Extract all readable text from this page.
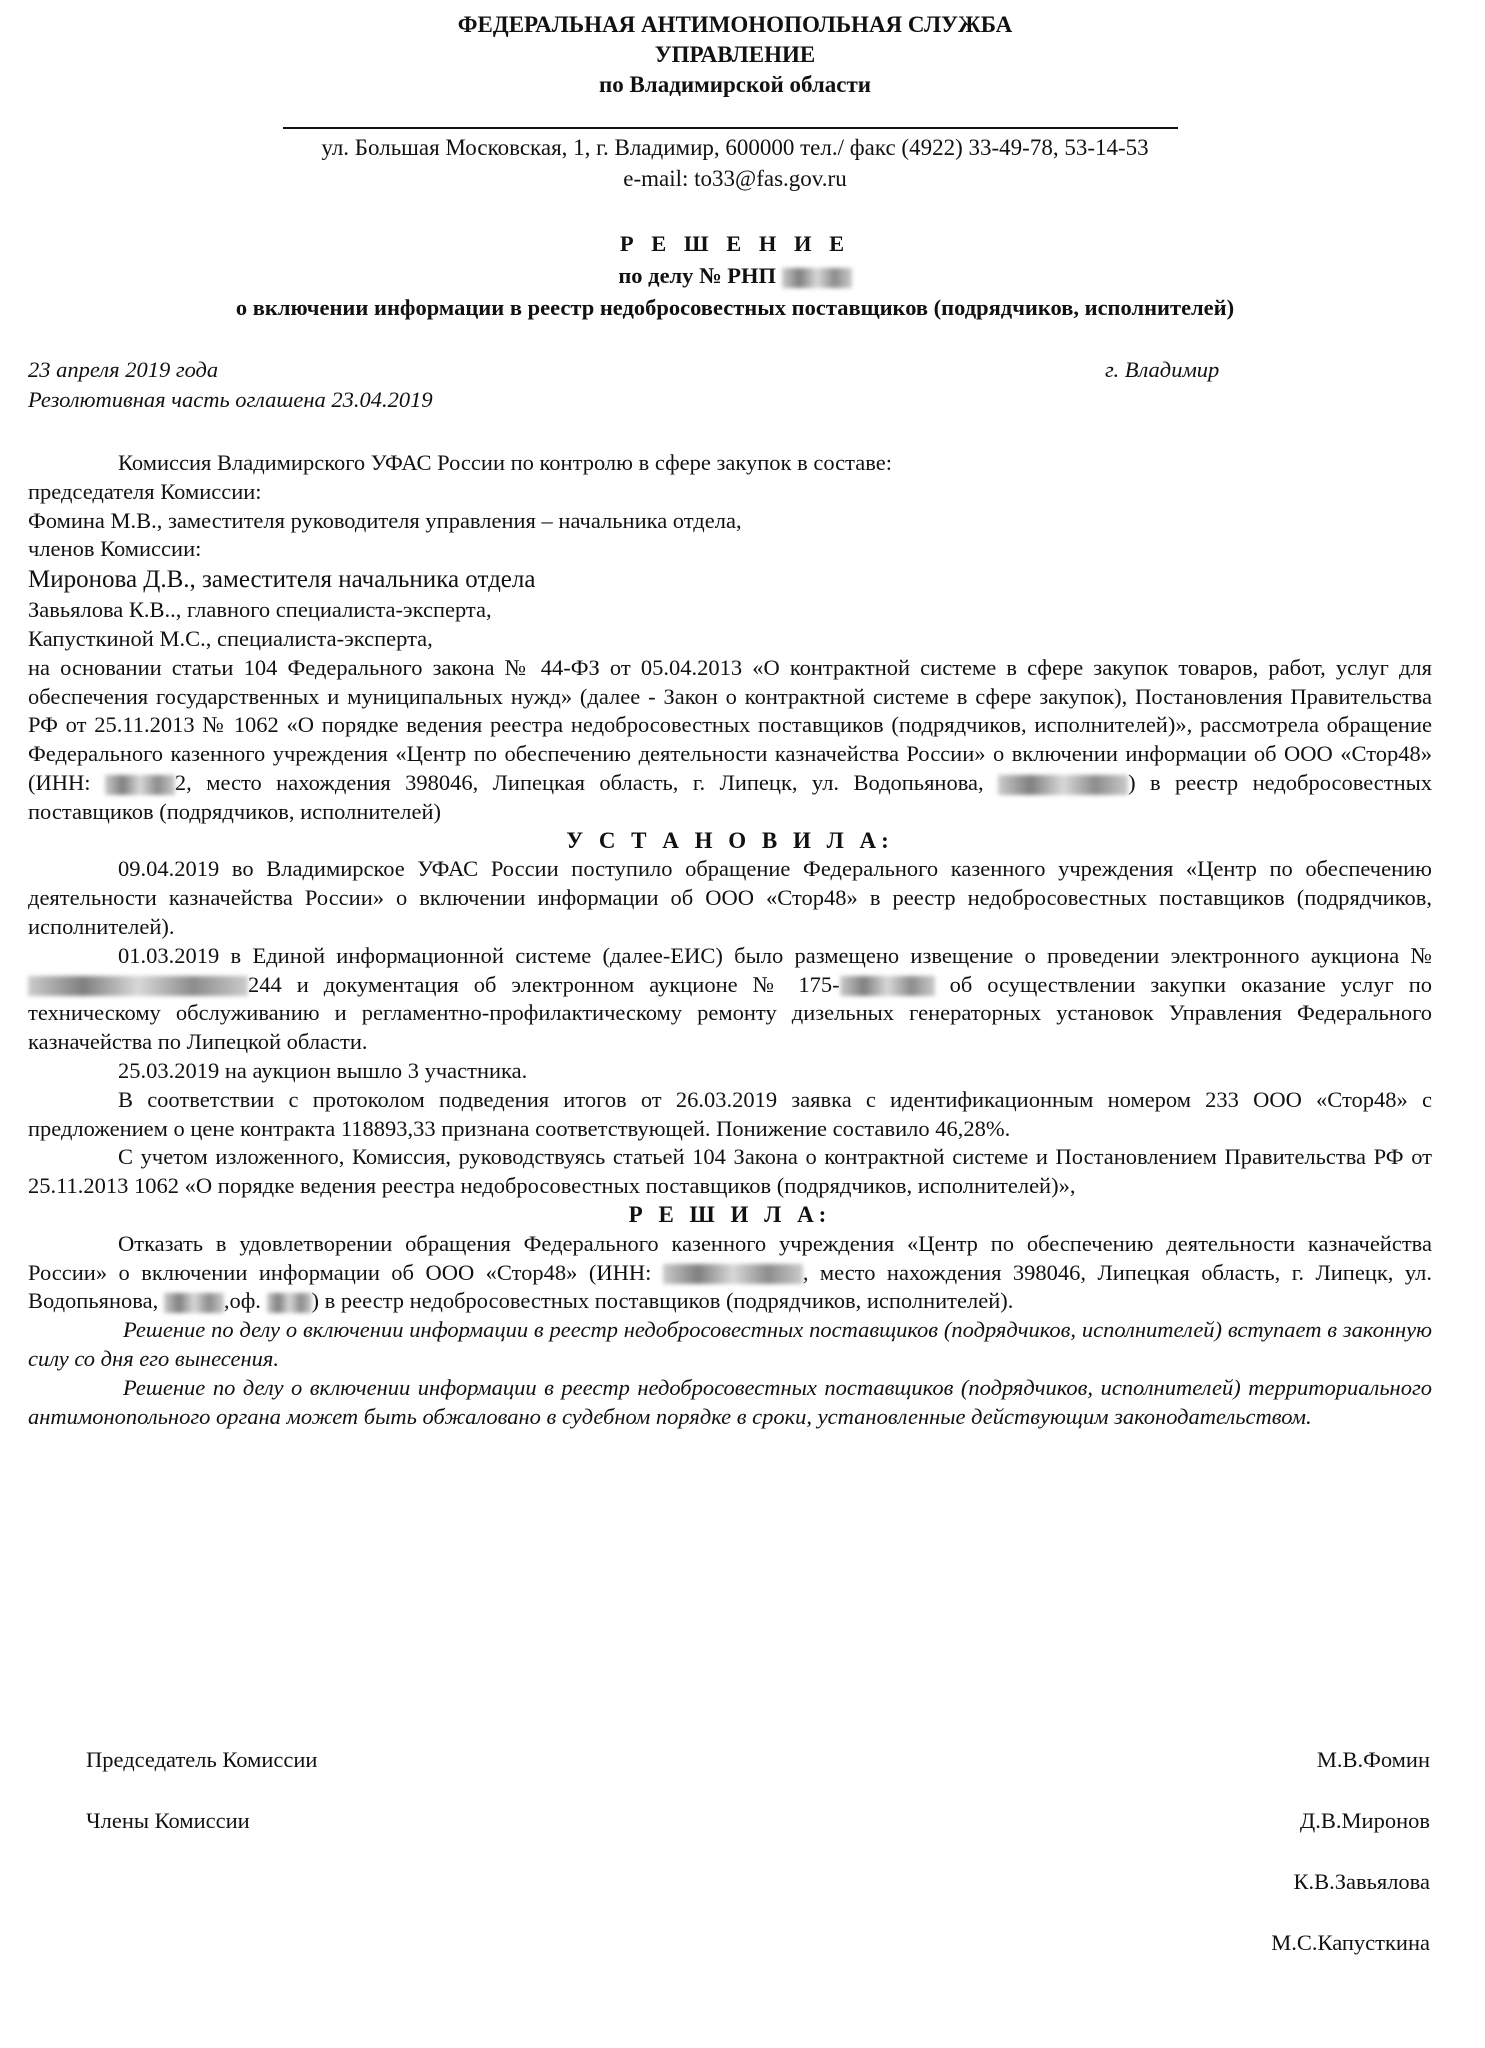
ФЕДЕРАЛЬНАЯ АНТИМОНОПОЛЬНАЯ СЛУЖБА
УПРАВЛЕНИЕ
по Владимирской области
ул. Большая Московская, 1, г. Владимир, 600000 тел./ факс (4922) 33-49-78, 53-14-53
e-mail: to33@fas.gov.ru
Р Е Ш Е Н И Е
по делу № РНП
о включении информации в реестр недобросовестных поставщиков (подрядчиков, исполнителей)
23 апреля 2019 года	г. Владимир
Резолютивная часть оглашена 23.04.2019
Комиссия Владимирского УФАС России по контролю в сфере закупок в составе:
председателя Комиссии:
Фомина М.В., заместителя руководителя управления – начальника отдела,
членов Комиссии:
Миронова Д.В., заместителя начальника отдела
Завьялова К.В.., главного специалиста-эксперта,
Капусткиной М.С., специалиста-эксперта,
на основании статьи 104 Федерального закона № 44-ФЗ от 05.04.2013 «О контрактной системе в сфере закупок товаров, работ, услуг для обеспечения государственных и муниципальных нужд» (далее - Закон о контрактной системе в сфере закупок), Постановления Правительства РФ от 25.11.2013 № 1062 «О порядке ведения реестра недобросовестных поставщиков (подрядчиков, исполнителей)», рассмотрела обращение Федерального казенного учреждения «Центр по обеспечению деятельности казначейства России» о включении информации об ООО «Стор48» (ИНН:	2, место нахождения 398046, Липецкая область, г. Липецк, ул. Водопьянова,	) в реестр недобросовестных поставщиков (подрядчиков, исполнителей)
У С Т А Н О В И Л А:
09.04.2019 во Владимирское УФАС России поступило обращение Федерального казенного учреждения «Центр по обеспечению деятельности казначейства России» о включении информации об ООО «Стор48» в реестр недобросовестных поставщиков (подрядчиков, исполнителей).
01.03.2019 в Единой информационной системе (далее-ЕИС) было размещено извещение о проведении электронного аукциона № 244 и документация об электронном аукционе № 175-	об осуществлении закупки оказание услуг по техническому обслуживанию и регламентно-профилактическому ремонту дизельных генераторных установок Управления Федерального казначейства по Липецкой области.
25.03.2019 на аукцион вышло 3 участника.
В соответствии с протоколом подведения итогов от 26.03.2019 заявка с идентификационным номером 233 ООО «Стор48» с предложением о цене контракта 118893,33 признана соответствующей. Понижение составило 46,28%.
С учетом изложенного, Комиссия, руководствуясь статьей 104 Закона о контрактной системе и Постановлением Правительства РФ от 25.11.2013 1062 «О порядке ведения реестра недобросовестных поставщиков (подрядчиков, исполнителей)»,
Р Е Ш И Л А:
Отказать в удовлетворении обращения Федерального казенного учреждения «Центр по обеспечению деятельности казначейства России» о включении информации об ООО «Стор48» (ИНН:	, место нахождения 398046, Липецкая область, г. Липецк, ул. Водопьянова,	,оф. ) в реестр недобросовестных поставщиков (подрядчиков, исполнителей).
Решение по делу о включении информации в реестр недобросовестных поставщиков (подрядчиков, исполнителей) вступает в законную силу со дня его вынесения.
Решение по делу о включении информации в реестр недобросовестных поставщиков (подрядчиков, исполнителей) территориального антимонопольного органа может быть обжаловано в судебном порядке в сроки, установленные действующим законодательством.
Председатель Комиссии	М.В.Фомин
Члены Комиссии	Д.В.Миронов
К.В.Завьялова
М.С.Капусткина
